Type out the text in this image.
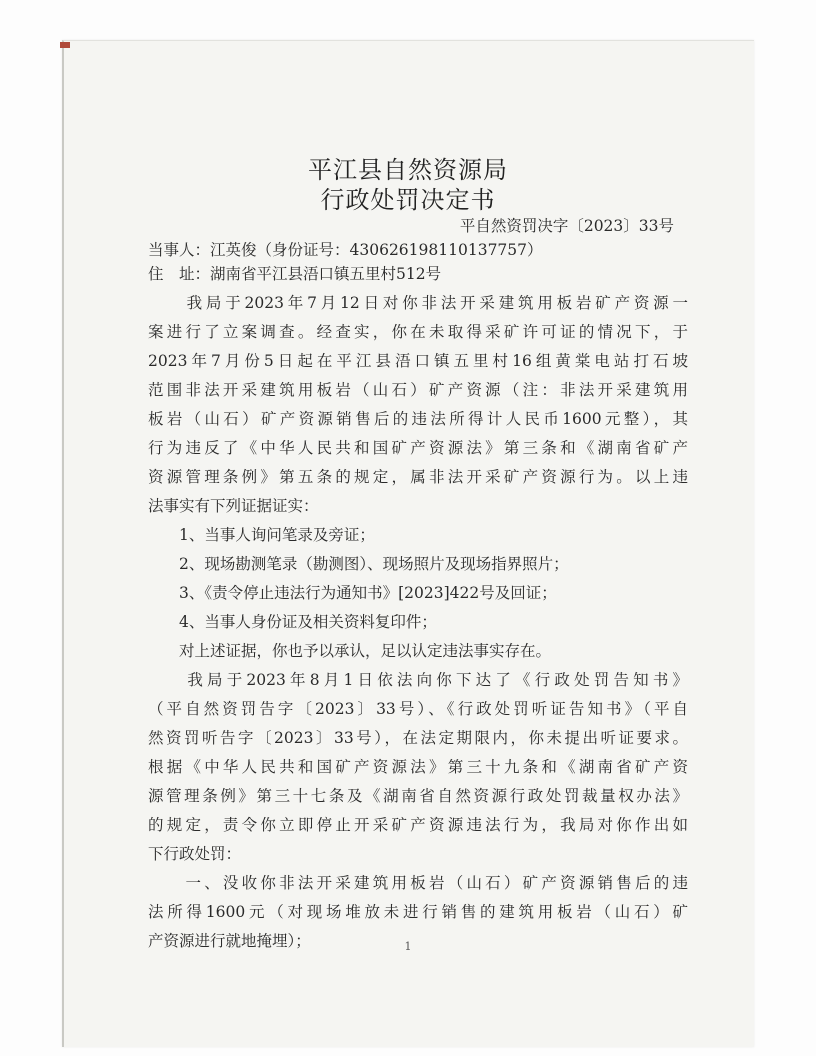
平江县自然资源局
行政处罚决定书
平自然资罚决字〔2023〕33号
当事人：江英俊（身份证号：430626198110137757）
住　址：湖南省平江县浯口镇五里村512号
　　我局于2023年7月12日对你非法开采建筑用板岩矿产资源一
案进行了立案调查。经查实，你在未取得采矿许可证的情况下，于
2023年7月份5日起在平江县浯口镇五里村16组黄棠电站打石坡
范围非法开采建筑用板岩（山石）矿产资源（注：非法开采建筑用
板岩（山石）矿产资源销售后的违法所得计人民币1600元整），其
行为违反了《中华人民共和国矿产资源法》第三条和《湖南省矿产
资源管理条例》第五条的规定，属非法开采矿产资源行为。以上违
法事实有下列证据证实：
　　1、当事人询问笔录及旁证；
　　2、现场勘测笔录（勘测图）、现场照片及现场指界照片；
　　3、《责令停止违法行为通知书》[2023]422号及回证；
　　4、当事人身份证及相关资料复印件；
　　对上述证据，你也予以承认，足以认定违法事实存在。
　　我局于2023年8月1日依法向你下达了《行政处罚告知书》
（平自然资罚告字〔2023〕33号）、《行政处罚听证告知书》（平自
然资罚听告字〔2023〕33号），在法定期限内，你未提出听证要求。
根据《中华人民共和国矿产资源法》第三十九条和《湖南省矿产资
源管理条例》第三十七条及《湖南省自然资源行政处罚裁量权办法》
的规定，责令你立即停止开采矿产资源违法行为，我局对你作出如
下行政处罚：
　　一、没收你非法开采建筑用板岩（山石）矿产资源销售后的违
法所得1600元（对现场堆放未进行销售的建筑用板岩（山石）矿
产资源进行就地掩埋）；	1
